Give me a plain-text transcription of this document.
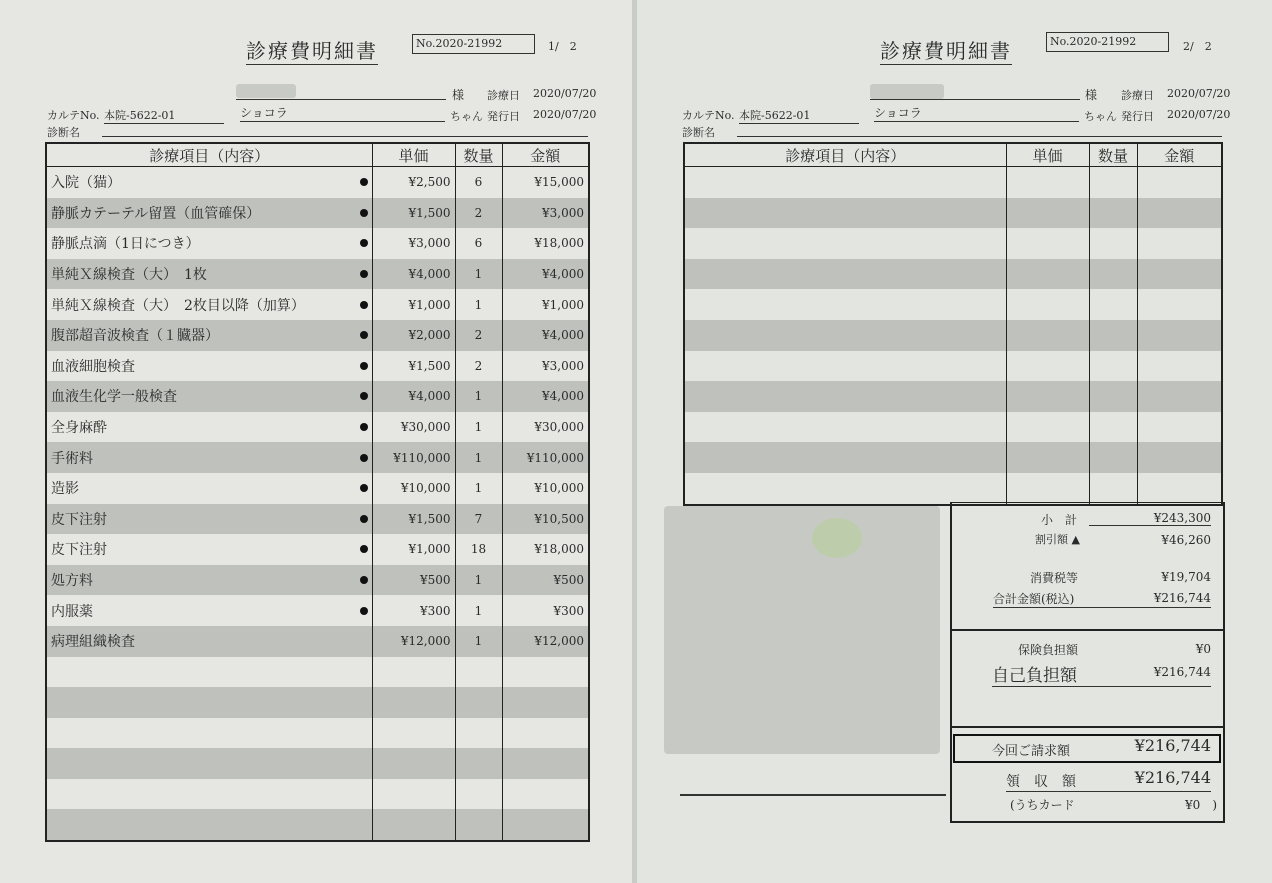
診療費明細書	No.2020-21992	1/　2
様 診療日 2020/07/20
カルテNo. 本院-5622-01	ショコラ	ちゃん 発行日 2020/07/20
診断名
診療項目（内容）	単価	数量	金額
入院（猫）	¥2,500	6	¥15,000
静脈カテーテル留置（血管確保）	¥1,500	2	¥3,000
静脈点滴（1日につき）	¥3,000	6	¥18,000
単純Ｘ線検査（大）　1枚	¥4,000	1	¥4,000
単純Ｘ線検査（大）　2枚目以降（加算）	¥1,000	1	¥1,000
腹部超音波検査（１臓器）	¥2,000	2	¥4,000
血液細胞検査	¥1,500	2	¥3,000
血液生化学一般検査	¥4,000	1	¥4,000
全身麻酔	¥30,000	1	¥30,000
手術料	¥110,000	1	¥110,000
造影	¥10,000	1	¥10,000
皮下注射	¥1,500	7	¥10,500
皮下注射	¥1,000	18	¥18,000
処方料	¥500	1	¥500
内服薬	¥300	1	¥300
病理組織検査	¥12,000	1	¥12,000

診療費明細書	No.2020-21992	2/　2
様 診療日 2020/07/20
カルテNo. 本院-5622-01	ショコラ	ちゃん 発行日 2020/07/20
診断名
診療項目（内容）	単価	数量	金額

小　計	¥243,300
割引額 ▲	¥46,260
消費税等	¥19,704
合計金額(税込)	¥216,744
保険負担額	¥0
自己負担額	¥216,744
今回ご請求額	¥216,744
領　収　額	¥216,744
(うちカード	¥0　)
